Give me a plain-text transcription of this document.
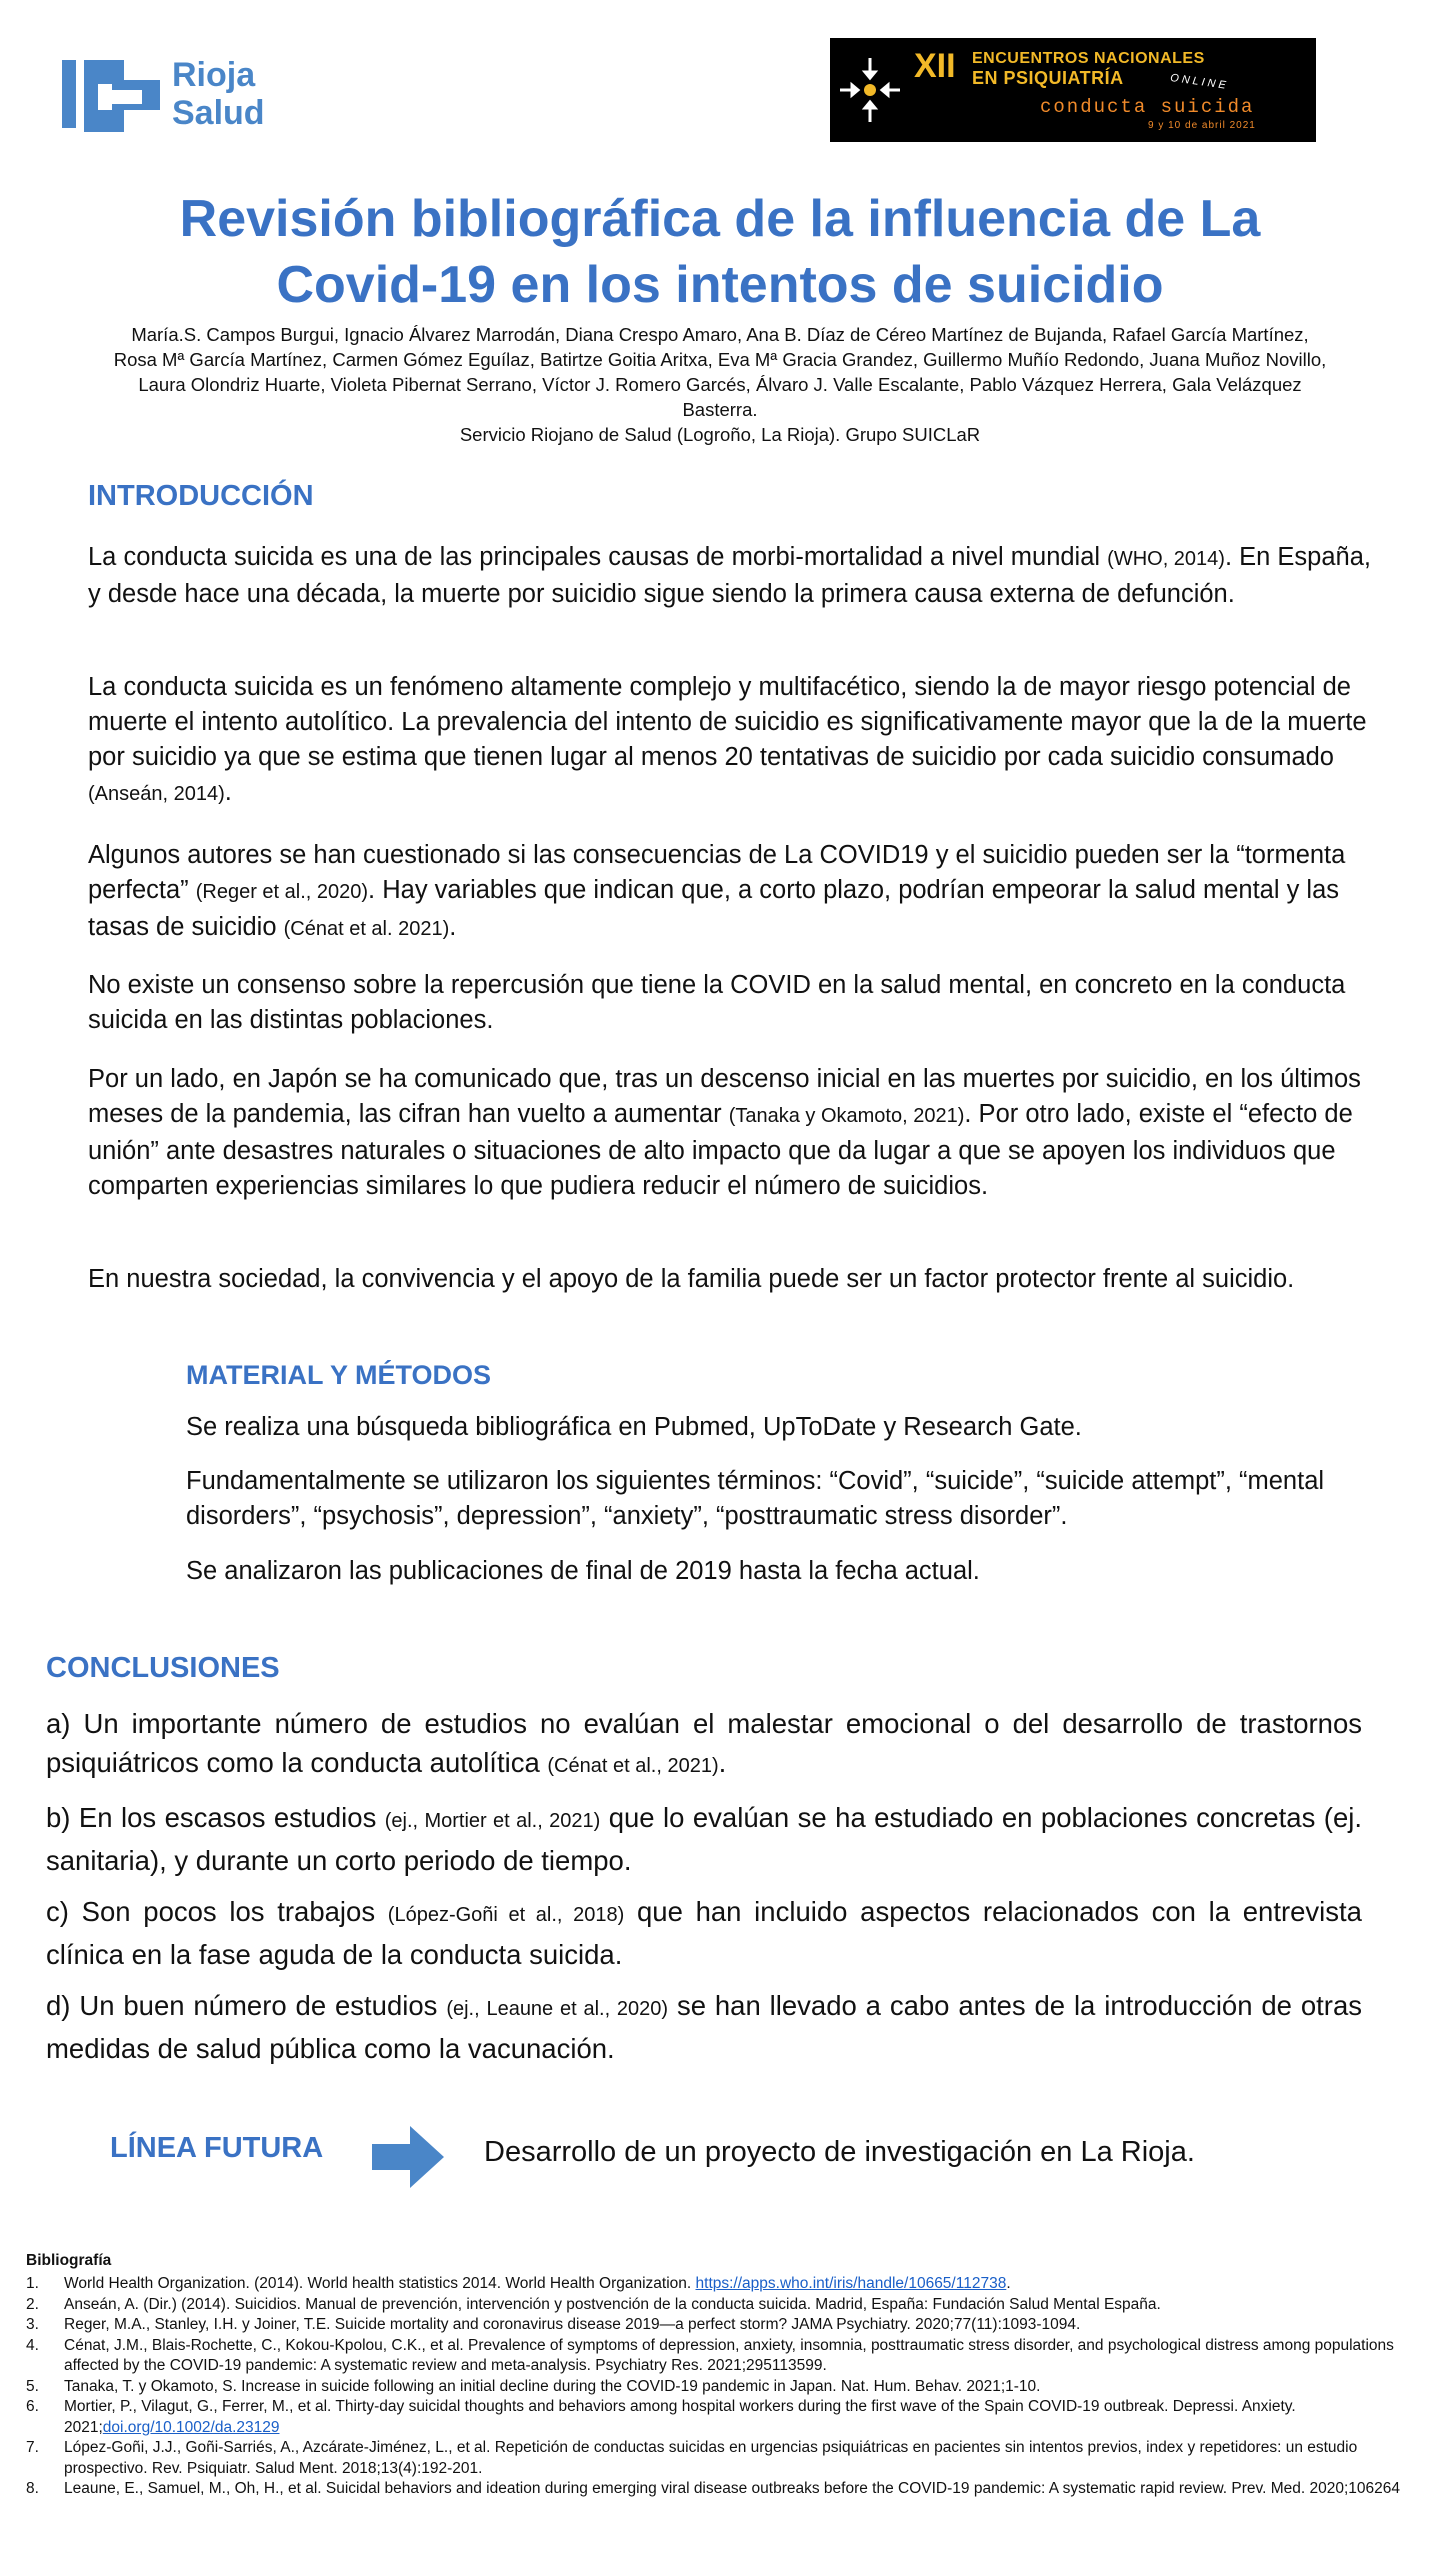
Rioja
Salud
XII ENCUENTROS NACIONALES
EN PSIQUIATRÍA	ONLINE
conducta suicida
9 y 10 de abril 2021
Revisión bibliográfica de la influencia de La
Covid-19 en los intentos de suicidio
María.S. Campos Burgui, Ignacio Álvarez Marrodán, Diana Crespo Amaro, Ana B. Díaz de Céreo Martínez de Bujanda, Rafael García Martínez, Rosa Mª García Martínez, Carmen Gómez Eguílaz, Batirtze Goitia Aritxa, Eva Mª Gracia Grandez, Guillermo Muñío Redondo, Juana Muñoz Novillo, Laura Olondriz Huarte, Violeta Pibernat Serrano, Víctor J. Romero Garcés, Álvaro J. Valle Escalante, Pablo Vázquez Herrera, Gala Velázquez Basterra.
Servicio Riojano de Salud (Logroño, La Rioja). Grupo SUICLaR
INTRODUCCIÓN
La conducta suicida es una de las principales causas de morbi-mortalidad a nivel mundial (WHO, 2014). En España, y desde hace una década, la muerte por suicidio sigue siendo la primera causa externa de defunción.
La conducta suicida es un fenómeno altamente complejo y multifacético, siendo la de mayor riesgo potencial de muerte el intento autolítico. La prevalencia del intento de suicidio es significativamente mayor que la de la muerte por suicidio ya que se estima que tienen lugar al menos 20 tentativas de suicidio por cada suicidio consumado (Anseán, 2014).
Algunos autores se han cuestionado si las consecuencias de La COVID19 y el suicidio pueden ser la “tormenta perfecta” (Reger et al., 2020). Hay variables que indican que, a corto plazo, podrían empeorar la salud mental y las tasas de suicidio (Cénat et al. 2021).
No existe un consenso sobre la repercusión que tiene la COVID en la salud mental, en concreto en la conducta suicida en las distintas poblaciones.
Por un lado, en Japón se ha comunicado que, tras un descenso inicial en las muertes por suicidio, en los últimos meses de la pandemia, las cifran han vuelto a aumentar (Tanaka y Okamoto, 2021). Por otro lado, existe el “efecto de unión” ante desastres naturales o situaciones de alto impacto que da lugar a que se apoyen los individuos que comparten experiencias similares lo que pudiera reducir el número de suicidios.
En nuestra sociedad, la convivencia y el apoyo de la familia puede ser un factor protector frente al suicidio.
MATERIAL Y MÉTODOS
Se realiza una búsqueda bibliográfica en Pubmed, UpToDate y Research Gate.
Fundamentalmente se utilizaron los siguientes términos: “Covid”, “suicide”, “suicide attempt”, “mental disorders”, “psychosis”, depression”, “anxiety”, “posttraumatic stress disorder”.
Se analizaron las publicaciones de final de 2019 hasta la fecha actual.
CONCLUSIONES
a) Un importante número de estudios no evalúan el malestar emocional o del desarrollo de trastornos psiquiátricos como la conducta autolítica (Cénat et al., 2021).
b) En los escasos estudios (ej., Mortier et al., 2021) que lo evalúan se ha estudiado en poblaciones concretas (ej. sanitaria), y durante un corto periodo de tiempo.
c) Son pocos los trabajos (López-Goñi et al., 2018) que han incluido aspectos relacionados con la entrevista clínica en la fase aguda de la conducta suicida.
d) Un buen número de estudios (ej., Leaune et al., 2020) se han llevado a cabo antes de la introducción de otras medidas de salud pública como la vacunación.
LÍNEA FUTURA	Desarrollo de un proyecto de investigación en La Rioja.
Bibliografía
1.	World Health Organization. (2014). World health statistics 2014. World Health Organization. https://apps.who.int/iris/handle/10665/112738.
2.	Anseán, A. (Dir.) (2014). Suicidios. Manual de prevención, intervención y postvención de la conducta suicida. Madrid, España: Fundación Salud Mental España.
3.	Reger, M.A., Stanley, I.H. y Joiner, T.E. Suicide mortality and coronavirus disease 2019—a perfect storm? JAMA Psychiatry. 2020;77(11):1093-1094.
4.	Cénat, J.M., Blais-Rochette, C., Kokou-Kpolou, C.K., et al. Prevalence of symptoms of depression, anxiety, insomnia, posttraumatic stress disorder, and psychological distress among populations affected by the COVID-19 pandemic: A systematic review and meta-analysis. Psychiatry Res. 2021;295113599.
5.	Tanaka, T. y Okamoto, S. Increase in suicide following an initial decline during the COVID-19 pandemic in Japan. Nat. Hum. Behav. 2021;1-10.
6.	Mortier, P., Vilagut, G., Ferrer, M., et al. Thirty-day suicidal thoughts and behaviors among hospital workers during the first wave of the Spain COVID-19 outbreak. Depressi. Anxiety. 2021;doi.org/10.1002/da.23129
7.	López-Goñi, J.J., Goñi-Sarriés, A., Azcárate-Jiménez, L., et al. Repetición de conductas suicidas en urgencias psiquiátricas en pacientes sin intentos previos, index y repetidores: un estudio prospectivo. Rev. Psiquiatr. Salud Ment. 2018;13(4):192-201.
8.	Leaune, E., Samuel, M., Oh, H., et al. Suicidal behaviors and ideation during emerging viral disease outbreaks before the COVID-19 pandemic: A systematic rapid review. Prev. Med. 2020;106264
